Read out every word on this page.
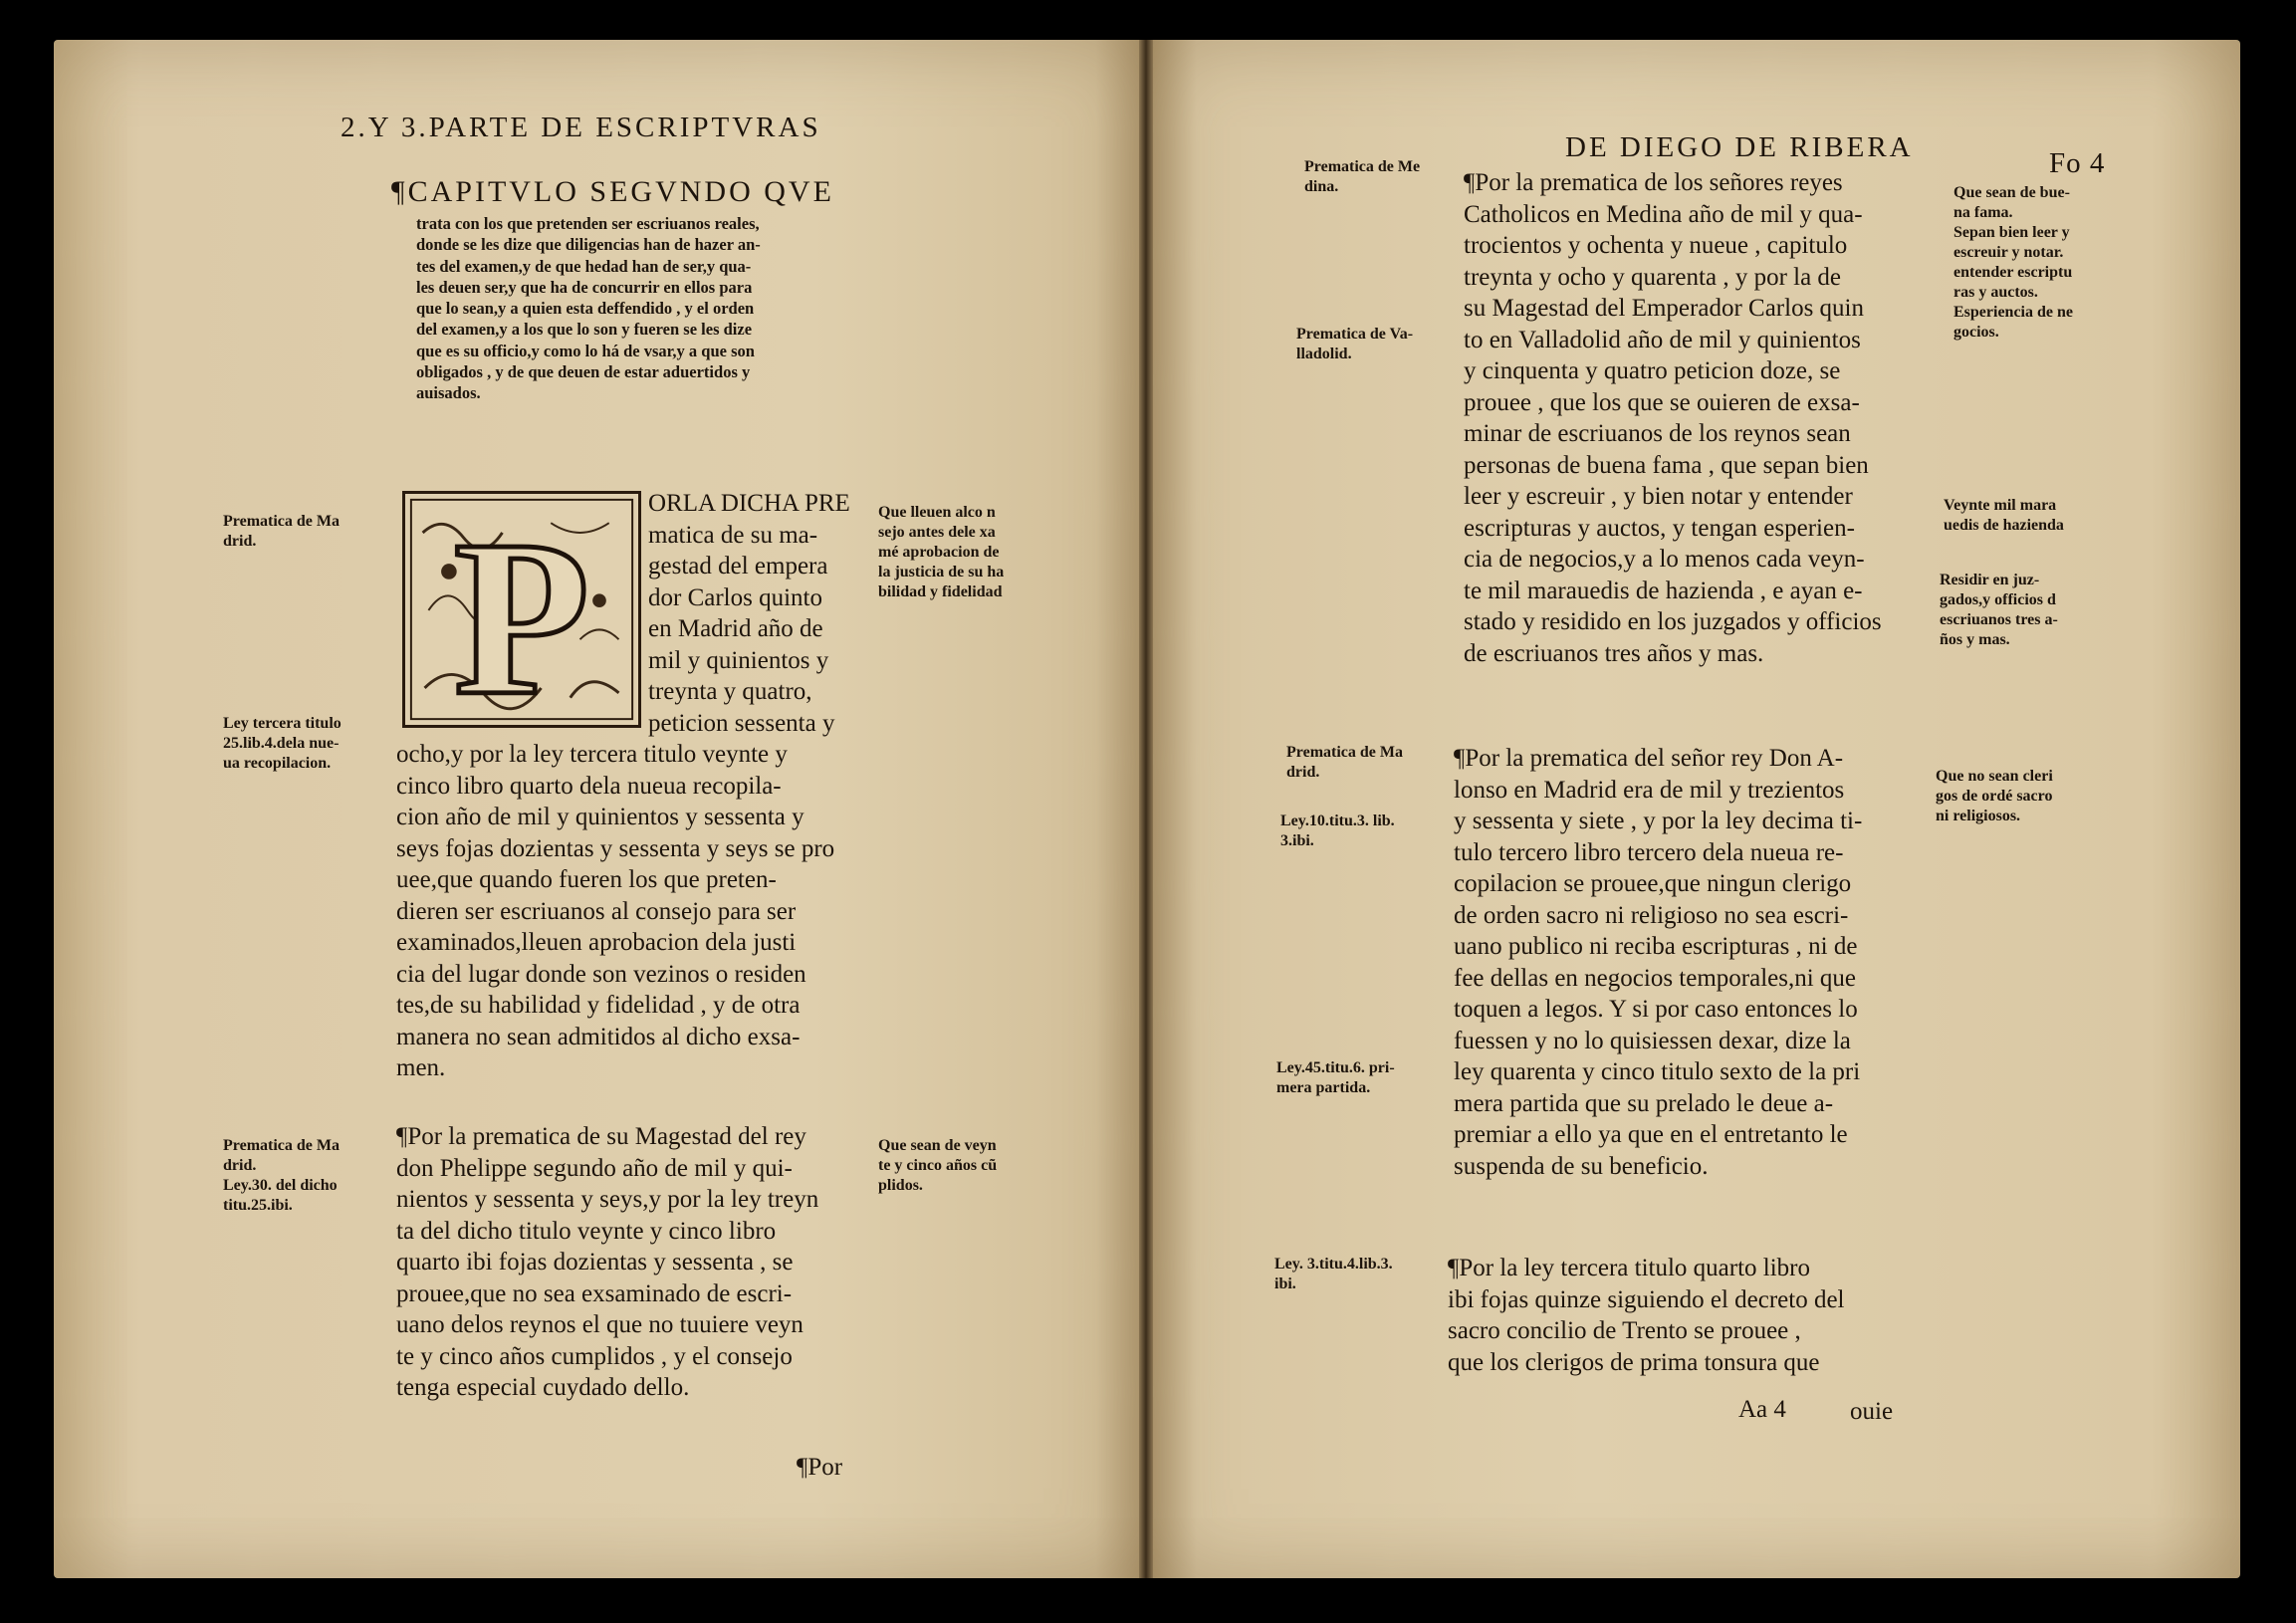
2.Y 3.PARTE DE ESCRIPTVRAS
¶CAPITVLO SEGVNDO QVE
trata con los que pretenden ser escriuanos reales,
donde se les dize que diligencias han de hazer an-
tes del examen,y de que hedad han de ser,y qua-
les deuen ser,y que ha de concurrir en ellos para
que lo sean,y a quien esta deffendido , y el orden
del examen,y a los que lo son y fueren se les dize
que es su officio,y como lo há de vsar,y a que son
obligados , y de que deuen de estar aduertidos y
auisados.
P ORLA DICHA PRE
matica de su ma-
gestad del empera
dor Carlos quinto
en Madrid año de
mil y quinientos y
treynta y quatro,
peticion sessenta y
ocho,y por la ley tercera titulo veynte y
cinco libro quarto dela nueua recopila-
cion año de mil y quinientos y sessenta y
seys fojas dozientas y sessenta y seys se pro
uee,que quando fueren los que preten-
dieren ser escriuanos al consejo para ser
examinados,lleuen aprobacion dela justi
cia del lugar donde son vezinos o residen
tes,de su habilidad y fidelidad , y de otra
manera no sean admitidos al dicho exsa-
men.
¶Por la prematica de su Magestad del rey
don Phelippe segundo año de mil y qui-
nientos y sessenta y seys,y por la ley treyn
ta del dicho titulo veynte y cinco libro
quarto ibi fojas dozientas y sessenta , se
prouee,que no sea exsaminado de escri-
uano delos reynos el que no tuuiere veyn
te y cinco años cumplidos , y el consejo
tenga especial cuydado dello.
¶Por
Prematica de Ma
drid.
Ley tercera titulo
25.lib.4.dela nue-
ua recopilacion.
Prematica de Ma
drid.
Ley.30. del dicho
titu.25.ibi.
Que lleuen alco n
sejo antes dele xa
mé aprobacion de
la justicia de su ha
bilidad y fidelidad
Que sean de veyn
te y cinco años cũ
plidos.
DE DIEGO DE RIBERA	Fo 4
¶Por la prematica de los señores reyes
Catholicos en Medina año de mil y qua-
trocientos y ochenta y nueue , capitulo
treynta y ocho y quarenta , y por la de
su Magestad del Emperador Carlos quin
to en Valladolid año de mil y quinientos
y cinquenta y quatro peticion doze, se
prouee , que los que se ouieren de exsa-
minar de escriuanos de los reynos sean
personas de buena fama , que sepan bien
leer y escreuir , y bien notar y entender
escripturas y auctos, y tengan esperien-
cia de negocios,y a lo menos cada veyn-
te mil marauedis de hazienda , e ayan e-
stado y residido en los juzgados y officios
de escriuanos tres años y mas.
¶Por la prematica del señor rey Don A-
lonso en Madrid era de mil y trezientos
y sessenta y siete , y por la ley decima ti-
tulo tercero libro tercero dela nueua re-
copilacion se prouee,que ningun clerigo
de orden sacro ni religioso no sea escri-
uano publico ni reciba escripturas , ni de
fee dellas en negocios temporales,ni que
toquen a legos. Y si por caso entonces lo
fuessen y no lo quisiessen dexar, dize la
ley quarenta y cinco titulo sexto de la pri
mera partida que su prelado le deue a-
premiar a ello ya que en el entretanto le
suspenda de su beneficio.
¶Por la ley tercera titulo quarto libro
ibi fojas quinze siguiendo el decreto del
sacro concilio de Trento se prouee ,
que los clerigos de prima tonsura que
Aa 4	ouie
Prematica de Me
dina.
Prematica de Va-
lladolid.
Prematica de Ma
drid.
Ley.10.titu.3. lib.
3.ibi.
Ley.45.titu.6. pri-
mera partida.
Ley. 3.titu.4.lib.3.
ibi.
Que sean de bue-
na fama.
Sepan bien leer y
escreuir y notar.
entender escriptu
ras y auctos.
Esperiencia de ne
gocios.
Veynte mil mara
uedis de hazienda
Residir en juz-
gados,y officios d
escriuanos tres a-
ños y mas.
Que no sean cleri
gos de ordé sacro
ni religiosos.
